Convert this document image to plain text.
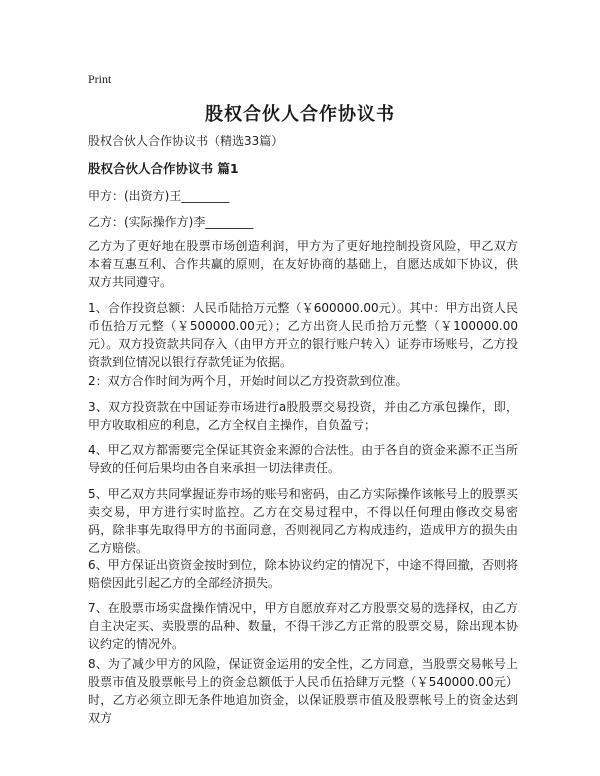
Print
股权合伙人合作协议书

股权合伙人合作协议书（精选33篇）

股权合伙人合作协议书 篇1

甲方：(出资方)王________

乙方：(实际操作方)李________

乙方为了更好地在股票市场创造利润，甲方为了更好地控制投资风险，甲乙双方本着互惠互利、合作共赢的原则，在友好协商的基础上，自愿达成如下协议，供双方共同遵守。

1、合作投资总额：人民币陆拾万元整（￥600000.00元）。其中：甲方出资人民币伍拾万元整（￥500000.00元）；乙方出资人民币拾万元整（￥100000.00元）。双方投资款共同存入（由甲方开立的银行账户转入）证券市场账号，乙方投资款到位情况以银行存款凭证为依据。

2：双方合作时间为两个月，开始时间以乙方投资款到位准。

3、双方投资款在中国证券市场进行a股股票交易投资，并由乙方承包操作，即，甲方收取相应的利息，乙方全权自主操作，自负盈亏；

4、甲乙双方都需要完全保证其资金来源的合法性。由于各自的资金来源不正当所导致的任何后果均由各自来承担一切法律责任。

5、甲乙双方共同掌握证券市场的账号和密码，由乙方实际操作该帐号上的股票买卖交易，甲方进行实时监控。乙方在交易过程中，不得以任何理由修改交易密码，除非事先取得甲方的书面同意，否则视同乙方构成违约，造成甲方的损失由乙方赔偿。

6、甲方保证出资资金按时到位，除本协议约定的情况下，中途不得回撤，否则将赔偿因此引起乙方的全部经济损失。

7、在股票市场实盘操作情况中，甲方自愿放弃对乙方股票交易的选择权，由乙方自主决定买、卖股票的品种、数量，不得干涉乙方正常的股票交易，除出现本协议约定的情况外。

8、为了减少甲方的风险，保证资金运用的安全性，乙方同意，当股票交易帐号上股票市值及股票帐号上的资金总额低于人民币伍拾肆万元整（￥540000.00元）时，乙方必须立即无条件地追加资金，以保证股票市值及股票帐号上的资金达到双方
